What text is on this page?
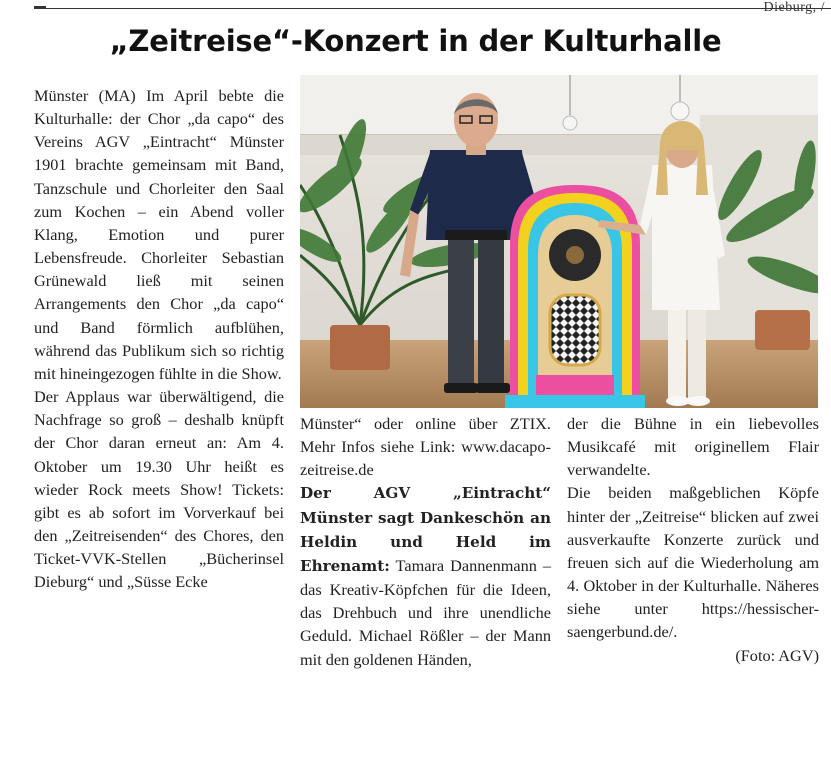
Dieburg, /
„Zeitreise“-Konzert in der Kulturhalle

Münster (MA) Im April bebte die Kulturhalle: der Chor „da capo“ des Vereins AGV „Eintracht“ Münster 1901 brachte gemeinsam mit Band, Tanzschule und Chorleiter den Saal zum Kochen – ein Abend voller Klang, Emotion und purer Lebensfreude. Chorleiter Sebastian Grünewald ließ mit seinen Arrangements den Chor „da capo“ und Band förmlich aufblühen, während das Publikum sich so richtig mit hineingezogen fühlte in die Show.

Der Applaus war überwältigend, die Nachfrage so groß – deshalb knüpft der Chor daran erneut an: Am 4. Oktober um 19.30 Uhr heißt es wieder Rock meets Show! Tickets: gibt es ab sofort im Vorverkauf bei den „Zeitreisenden“ des Chores, den Ticket-VVK-Stellen „Bücherinsel Dieburg“ und „Süsse Ecke

Münster“ oder online über ZTIX. Mehr Infos siehe Link: www.dacapo-zeitreise.de

Der AGV „Eintracht“ Münster sagt Dankeschön an Heldin und Held im Ehrenamt: Tamara Dannenmann – das Kreativ-Köpfchen für die Ideen, das Drehbuch und ihre unendliche Geduld. Michael Rößler – der Mann mit den goldenen Händen,

der die Bühne in ein liebevolles Musikcafé mit originellem Flair verwandelte.

Die beiden maßgeblichen Köpfe hinter der „Zeitreise“ blicken auf zwei ausverkaufte Konzerte zurück und freuen sich auf die Wiederholung am 4. Oktober in der Kulturhalle. Näheres siehe unter https://hessischer-saengerbund.de/.

(Foto: AGV)
